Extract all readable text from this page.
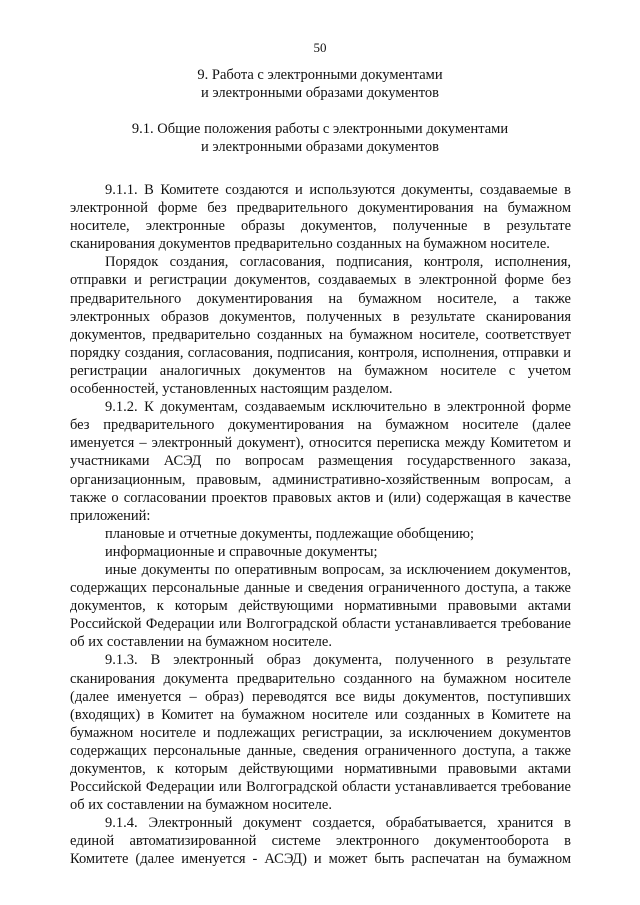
50
9. Работа с электронными документами
и электронными образами документов
9.1. Общие положения работы с электронными документами
и электронными образами документов

9.1.1. В Комитете создаются и используются документы, создаваемые в электронной форме без предварительного документирования на бумажном носителе, электронные образы документов, полученные в результате сканирования документов предварительно созданных на бумажном носителе.

Порядок создания, согласования, подписания, контроля, исполнения, отправки и регистрации документов, создаваемых в электронной форме без предварительного документирования на бумажном носителе, а также электронных образов документов, полученных в результате сканирования документов, предварительно созданных на бумажном носителе, соответствует порядку создания, согласования, подписания, контроля, исполнения, отправки и регистрации аналогичных документов на бумажном носителе с учетом особенностей, установленных настоящим разделом.

9.1.2. К документам, создаваемым исключительно в электронной форме без предварительного документирования на бумажном носителе (далее именуется – электронный документ), относится переписка между Комитетом и участниками АСЭД по вопросам размещения государственного заказа, организационным, правовым, административно-хозяйственным вопросам, а также о согласовании проектов правовых актов и (или) содержащая в качестве приложений:

плановые и отчетные документы, подлежащие обобщению;

информационные и справочные документы;

иные документы по оперативным вопросам, за исключением документов, содержащих персональные данные и сведения ограниченного доступа, а также документов, к которым действующими нормативными правовыми актами Российской Федерации или Волгоградской области устанавливается требование об их составлении на бумажном носителе.

9.1.3. В электронный образ документа, полученного в результате сканирования документа предварительно созданного на бумажном носителе (далее именуется – образ) переводятся все виды документов, поступивших (входящих) в Комитет на бумажном носителе или созданных в Комитете на бумажном носителе и подлежащих регистрации, за исключением документов содержащих персональные данные, сведения ограниченного доступа, а также документов, к которым действующими нормативными правовыми актами Российской Федерации или Волгоградской области устанавливается требование об их составлении на бумажном носителе.

9.1.4. Электронный документ создается, обрабатывается, хранится в единой автоматизированной системе электронного документооборота в Комитете (далее именуется - АСЭД) и может быть распечатан на бумажном
